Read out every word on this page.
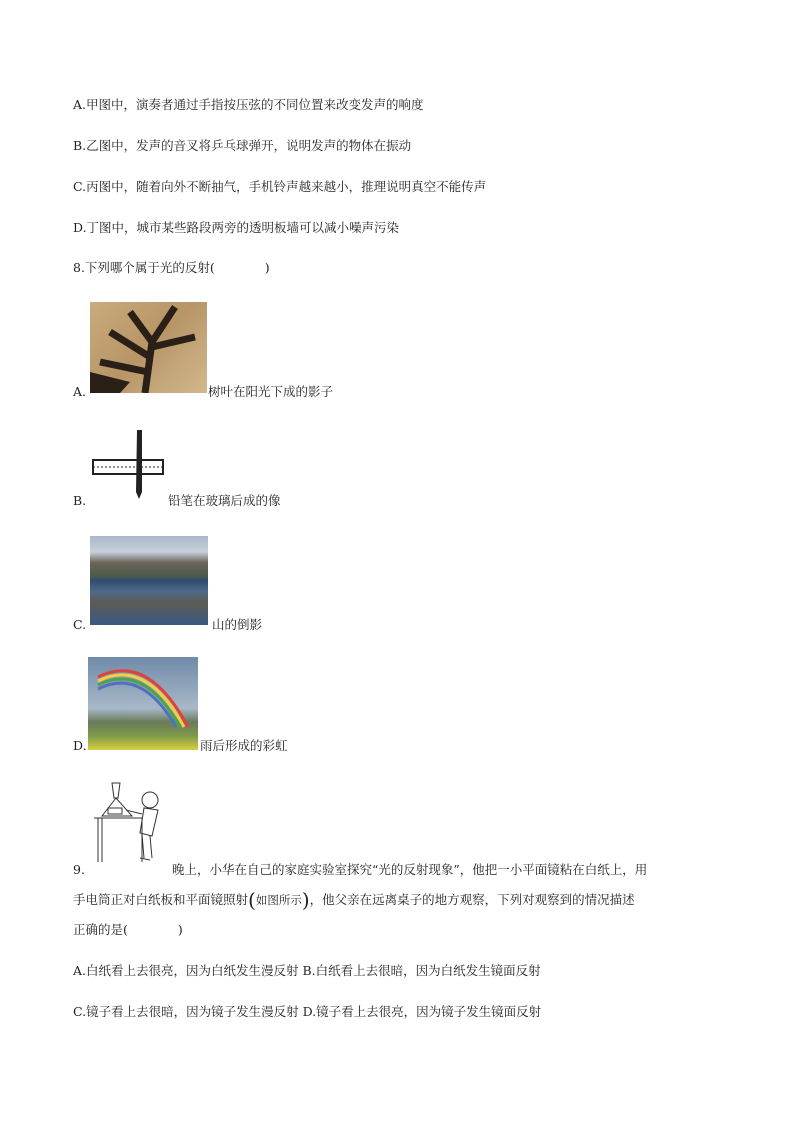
A.甲图中，演奏者通过手指按压弦的不同位置来改变发声的响度
B.乙图中，发声的音叉将乒乓球弹开，说明发声的物体在振动
C.丙图中，随着向外不断抽气，手机铃声越来越小，推理说明真空不能传声
D.丁图中，城市某些路段两旁的透明板墙可以减小噪声污染
8.下列哪个属于光的反射(　　　　)
A.	树叶在阳光下成的影子
B.	铅笔在玻璃后成的像
C.	山的倒影
D.	雨后形成的彩虹
9.	晚上，小华在自己的家庭实验室探究“光的反射现象”，他把一小平面镜粘在白纸上，用
手电筒正对白纸板和平面镜照射(如图所示)，他父亲在远离桌子的地方观察，下列对观察到的情况描述
正确的是(　　　　)
A.白纸看上去很亮，因为白纸发生漫反射 B.白纸看上去很暗，因为白纸发生镜面反射
C.镜子看上去很暗，因为镜子发生漫反射 D.镜子看上去很亮，因为镜子发生镜面反射
